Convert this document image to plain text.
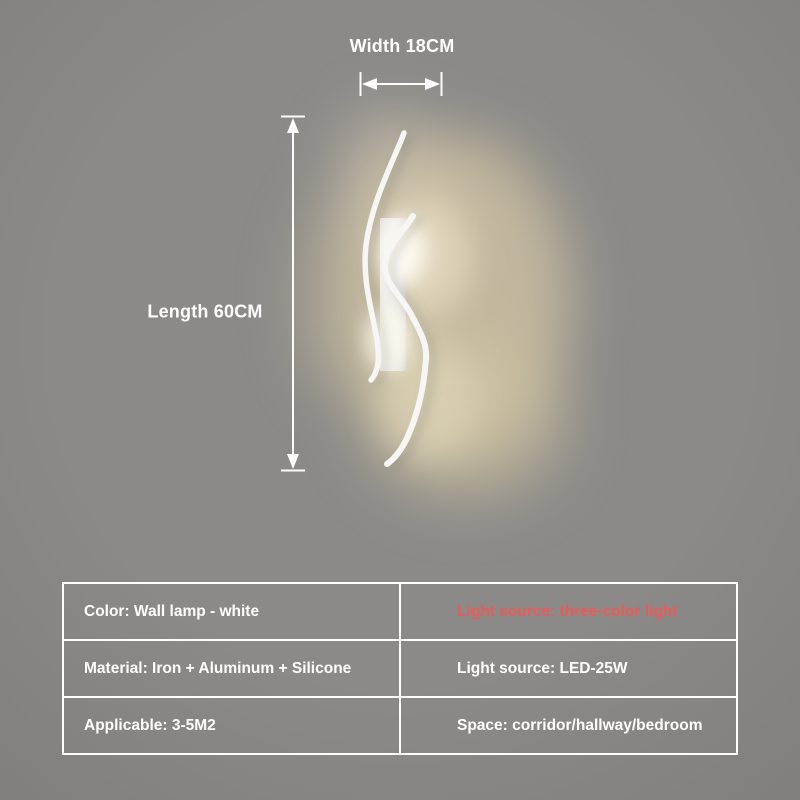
Width 18CM
Length 60CM
Color: Wall lamp - white	Light source: three-color light
Material: Iron + Aluminum + Silicone	Light source: LED-25W
Applicable: 3-5M2	Space: corridor/hallway/bedroom
